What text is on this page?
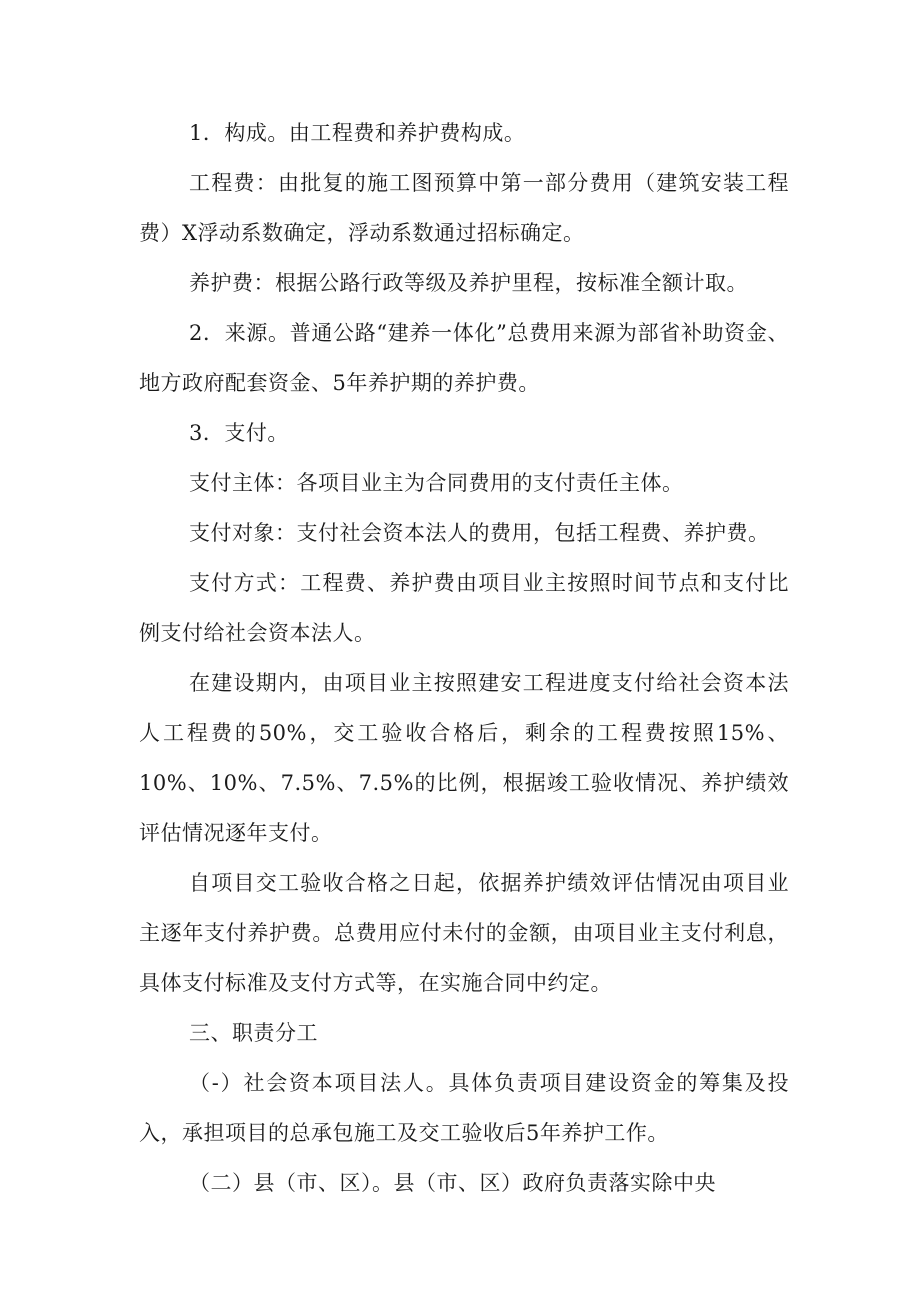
1．构成。由工程费和养护费构成。

工程费：由批复的施工图预算中第一部分费用（建筑安装工程费）X浮动系数确定，浮动系数通过招标确定。

养护费：根据公路行政等级及养护里程，按标准全额计取。

2．来源。普通公路“建养一体化”总费用来源为部省补助资金、地方政府配套资金、5年养护期的养护费。

3．支付。

支付主体：各项目业主为合同费用的支付责任主体。

支付对象：支付社会资本法人的费用，包括工程费、养护费。

支付方式：工程费、养护费由项目业主按照时间节点和支付比例支付给社会资本法人。

在建设期内，由项目业主按照建安工程进度支付给社会资本法人工程费的50%，交工验收合格后，剩余的工程费按照15%、10%、10%、7.5%、7.5%的比例，根据竣工验收情况、养护绩效评估情况逐年支付。

自项目交工验收合格之日起，依据养护绩效评估情况由项目业主逐年支付养护费。总费用应付未付的金额，由项目业主支付利息，具体支付标准及支付方式等，在实施合同中约定。

三、职责分工

（-）社会资本项目法人。具体负责项目建设资金的筹集及投入，承担项目的总承包施工及交工验收后5年养护工作。

（二）县（市、区）。县（市、区）政府负责落实除中央
